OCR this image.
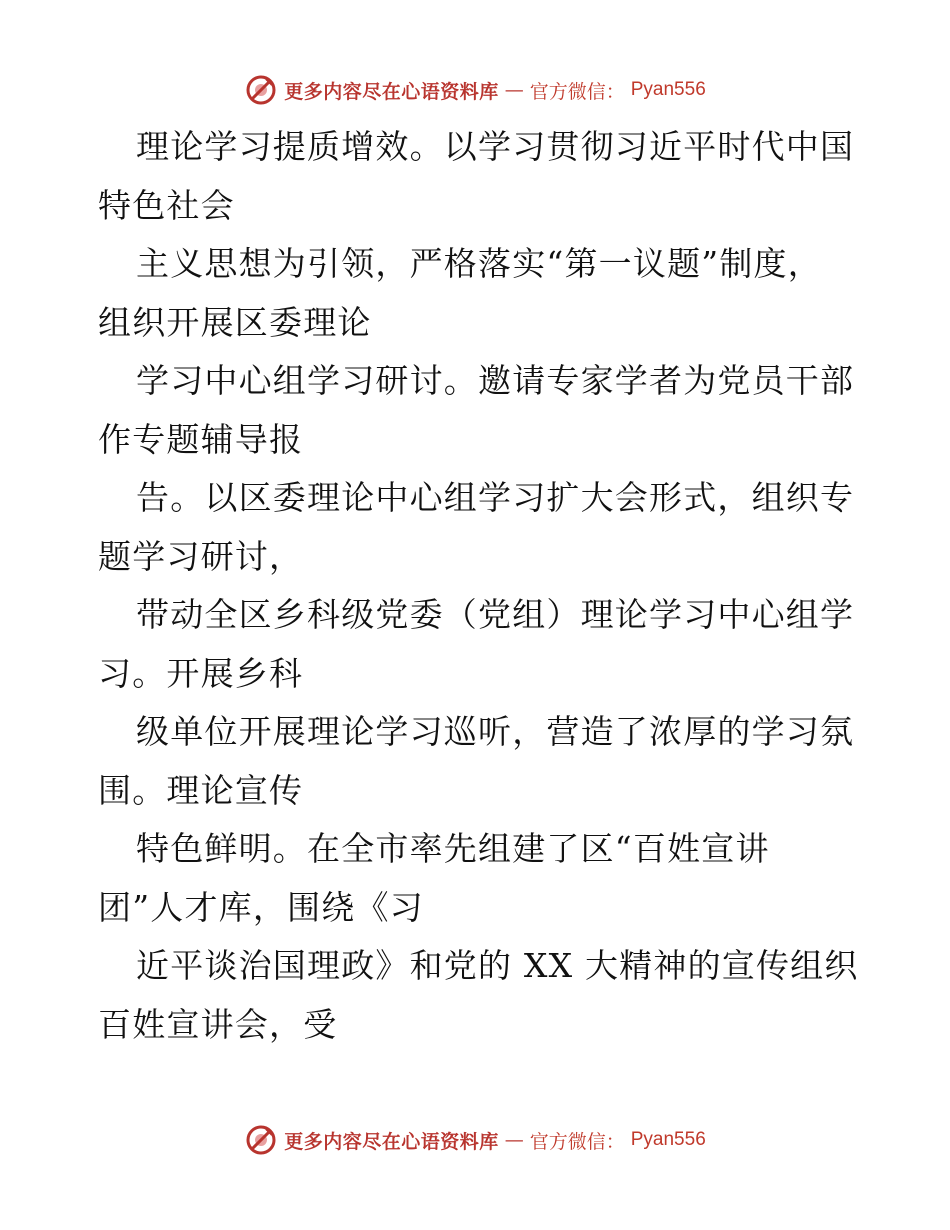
更多内容尽在心语资料库 — 官方微信： Pyan556
理论学习提质增效。以学习贯彻习近平时代中国
特色社会
主义思想为引领，严格落实“第一议题”制度，
组织开展区委理论
学习中心组学习研讨。邀请专家学者为党员干部
作专题辅导报
告。以区委理论中心组学习扩大会形式，组织专
题学习研讨，
带动全区乡科级党委（党组）理论学习中心组学
习。开展乡科
级单位开展理论学习巡听，营造了浓厚的学习氛
围。理论宣传
特色鲜明。在全市率先组建了区“百姓宣讲
团”人才库，围绕《习
近平谈治国理政》和党的 XX 大精神的宣传组织
百姓宣讲会，受
更多内容尽在心语资料库 — 官方微信： Pyan556
